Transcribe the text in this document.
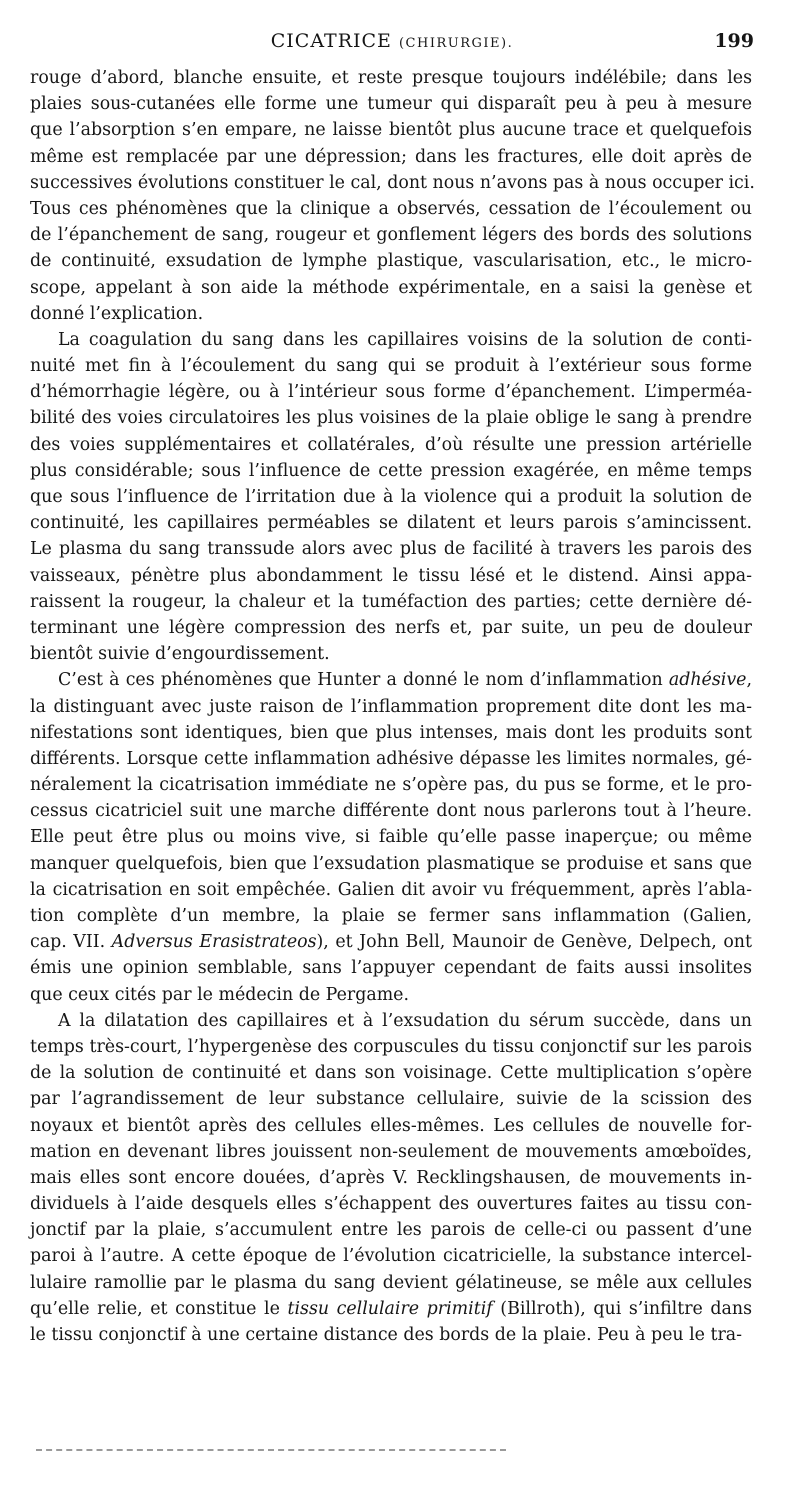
CICATRICE (CHIRURGIE).	199
rouge d’abord, blanche ensuite, et reste presque toujours indélébile; dans les
plaies sous-cutanées elle forme une tumeur qui disparaît peu à peu à mesure
que l’absorption s’en empare, ne laisse bientôt plus aucune trace et quelquefois
même est remplacée par une dépression; dans les fractures, elle doit après de
successives évolutions constituer le cal, dont nous n’avons pas à nous occuper ici.
Tous ces phénomènes que la clinique a observés, cessation de l’écoulement ou
de l’épanchement de sang, rougeur et gonflement légers des bords des solutions
de continuité, exsudation de lymphe plastique, vascularisation, etc., le micro-
scope, appelant à son aide la méthode expérimentale, en a saisi la genèse et
donné l’explication.
La coagulation du sang dans les capillaires voisins de la solution de conti-
nuité met fin à l’écoulement du sang qui se produit à l’extérieur sous forme
d’hémorrhagie légère, ou à l’intérieur sous forme d’épanchement. L’imperméa-
bilité des voies circulatoires les plus voisines de la plaie oblige le sang à prendre
des voies supplémentaires et collatérales, d’où résulte une pression artérielle
plus considérable; sous l’influence de cette pression exagérée, en même temps
que sous l’influence de l’irritation due à la violence qui a produit la solution de
continuité, les capillaires perméables se dilatent et leurs parois s’amincissent.
Le plasma du sang transsude alors avec plus de facilité à travers les parois des
vaisseaux, pénètre plus abondamment le tissu lésé et le distend. Ainsi appa-
raissent la rougeur, la chaleur et la tuméfaction des parties; cette dernière dé-
terminant une légère compression des nerfs et, par suite, un peu de douleur
bientôt suivie d’engourdissement.
C’est à ces phénomènes que Hunter a donné le nom d’inflammation adhésive,
la distinguant avec juste raison de l’inflammation proprement dite dont les ma-
nifestations sont identiques, bien que plus intenses, mais dont les produits sont
différents. Lorsque cette inflammation adhésive dépasse les limites normales, gé-
néralement la cicatrisation immédiate ne s’opère pas, du pus se forme, et le pro-
cessus cicatriciel suit une marche différente dont nous parlerons tout à l’heure.
Elle peut être plus ou moins vive, si faible qu’elle passe inaperçue; ou même
manquer quelquefois, bien que l’exsudation plasmatique se produise et sans que
la cicatrisation en soit empêchée. Galien dit avoir vu fréquemment, après l’abla-
tion complète d’un membre, la plaie se fermer sans inflammation (Galien,
cap. VII. Adversus Erasistrateos), et John Bell, Maunoir de Genève, Delpech, ont
émis une opinion semblable, sans l’appuyer cependant de faits aussi insolites
que ceux cités par le médecin de Pergame.
A la dilatation des capillaires et à l’exsudation du sérum succède, dans un
temps très-court, l’hypergenèse des corpuscules du tissu conjonctif sur les parois
de la solution de continuité et dans son voisinage. Cette multiplication s’opère
par l’agrandissement de leur substance cellulaire, suivie de la scission des
noyaux et bientôt après des cellules elles-mêmes. Les cellules de nouvelle for-
mation en devenant libres jouissent non-seulement de mouvements amœboïdes,
mais elles sont encore douées, d’après V. Recklingshausen, de mouvements in-
dividuels à l’aide desquels elles s’échappent des ouvertures faites au tissu con-
jonctif par la plaie, s’accumulent entre les parois de celle-ci ou passent d’une
paroi à l’autre. A cette époque de l’évolution cicatricielle, la substance intercel-
lulaire ramollie par le plasma du sang devient gélatineuse, se mêle aux cellules
qu’elle relie, et constitue le tissu cellulaire primitif (Billroth), qui s’infiltre dans
le tissu conjonctif à une certaine distance des bords de la plaie. Peu à peu le tra-
